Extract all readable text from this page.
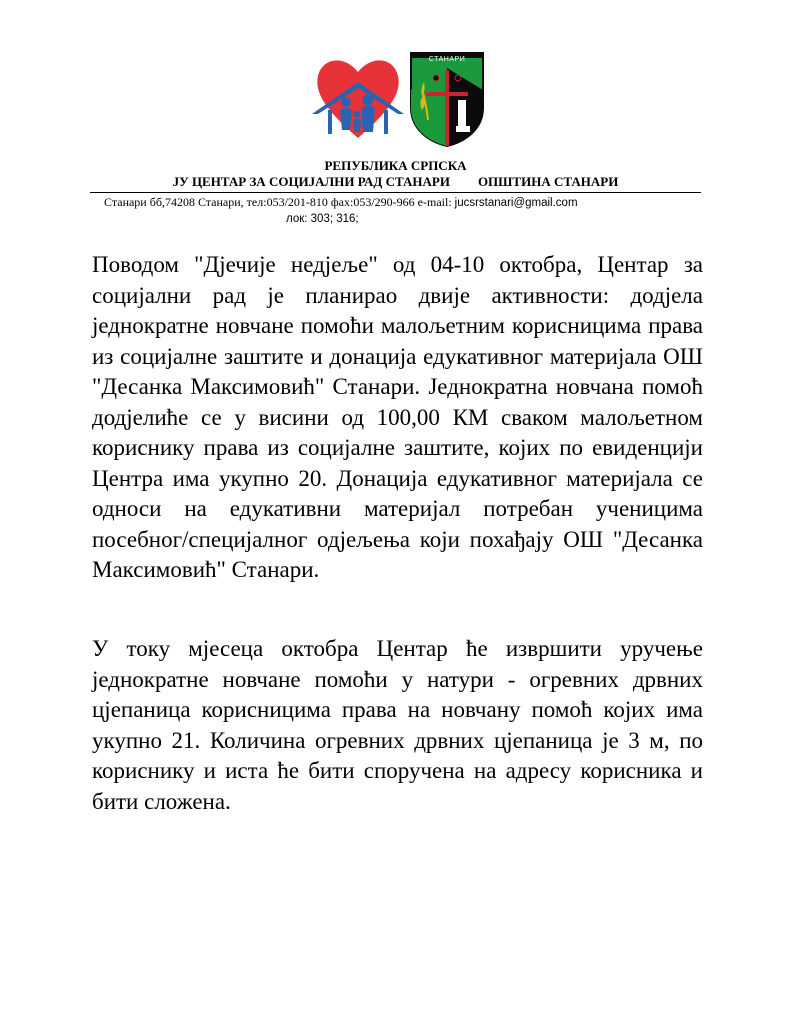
СТАНАРИ
РЕПУБЛИКА СРПСКА
ЈУ ЦЕНТАР ЗА СОЦИЈАЛНИ РАД СТАНАРИ ОПШТИНА СТАНАРИ
Станари бб,74208 Станари, тел:053/201-810 фах:053/290-966 e-mail: jucsrstanari@gmail.com
лок: 303; 316;
Поводом "Дјечије недјеље" од 04-10 октобра, Центар за социјални рад је планирао двије активности: додјела једнократне новчане помоћи малољетним корисницима права из социјалне заштите и донација едукативног материјала ОШ "Десанка Максимовић" Станари. Једнократна новчана помоћ додјелиће се у висини од 100,00 КМ сваком малољетном кориснику права из социјалне заштите, којих по евиденцији Центра има укупно 20. Донација едукативног материјала се односи на едукативни материјал потребан ученицима посебног/специјалног одјељења који похађају ОШ "Десанка Максимовић" Станари.
У току мјесеца октобра Центар ће извршити уручење једнократне новчане помоћи у натури - огревних дрвних цјепаница корисницима права на новчану помоћ којих има укупно 21. Количина огревних дрвних цјепаница је 3 м, по кориснику и иста ће бити споручена на адресу корисника и бити сложена.
